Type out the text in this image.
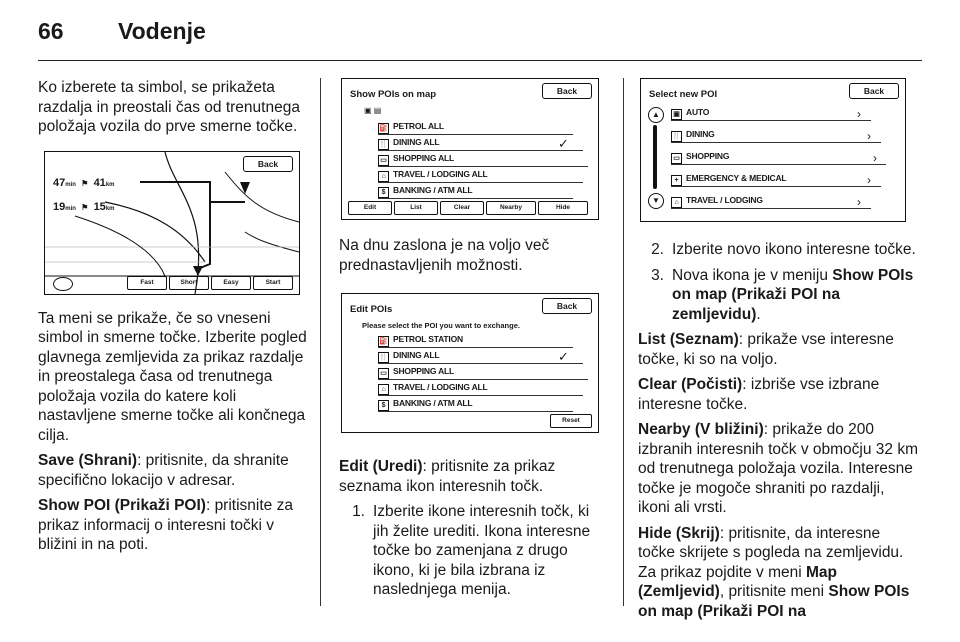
66	Vodenje

Ko izberete ta simbol, se prikažeta razdalja in preostali čas od trenutnega položaja vozila do prve smerne točke.

Back
47min ⚑ 41km
19min ⚑ 15km
Fast	Short	Easy	Start

Ta meni se prikaže, če so vneseni simbol in smerne točke. Izberite pogled glavnega zemljevida za prikaz razdalje in preostalega časa od trenutnega položaja vozila do katere koli nastavljene smerne točke ali končnega cilja.

Save (Shrani): pritisnite, da shranite specifično lokacijo v adresar.

Show POI (Prikaži POI): pritisnite za prikaz informacij o interesni točki v bližini in na poti.

Show POIs on map	Back
▣ ▤
⛽ PETROL ALL
🍴 DINING ALL	✓
▭ SHOPPING ALL
⌂ TRAVEL / LODGING ALL
$ BANKING / ATM ALL
Edit	List	Clear	Nearby	Hide

Na dnu zaslona je na voljo več prednastavljenih možnosti.

Edit POIs	Back
Please select the POI you want to exchange.
⛽ PETROL STATION
🍴 DINING ALL	✓
▭ SHOPPING ALL
⌂ TRAVEL / LODGING ALL
$ BANKING / ATM ALL
Reset

Edit (Uredi): pritisnite za prikaz seznama ikon interesnih točk.

1. Izberite ikone interesnih točk, ki jih želite urediti. Ikona interesne točke bo zamenjana z drugo ikono, ki je bila izbrana iz naslednjega menija.
Select new POI	Back
▲
▼
▣ AUTO	›
🍴 DINING	›
▭ SHOPPING	›
+ EMERGENCY & MEDICAL	›
⌂ TRAVEL / LODGING	›
2. Izberite novo ikono interesne točke.
3. Nova ikona je v meniju Show POIs on map (Prikaži POI na zemljevidu).

List (Seznam): prikaže vse interesne točke, ki so na voljo.

Clear (Počisti): izbriše vse izbrane interesne točke.

Nearby (V bližini): prikaže do 200 izbranih interesnih točk v območju 32 km od trenutnega položaja vozila. Interesne točke je mogoče shraniti po razdalji, ikoni ali vrsti.

Hide (Skrij): pritisnite, da interesne točke skrijete s pogleda na zemljevidu. Za prikaz pojdite v meni Map (Zemljevid), pritisnite meni Show POIs on map (Prikaži POI na
